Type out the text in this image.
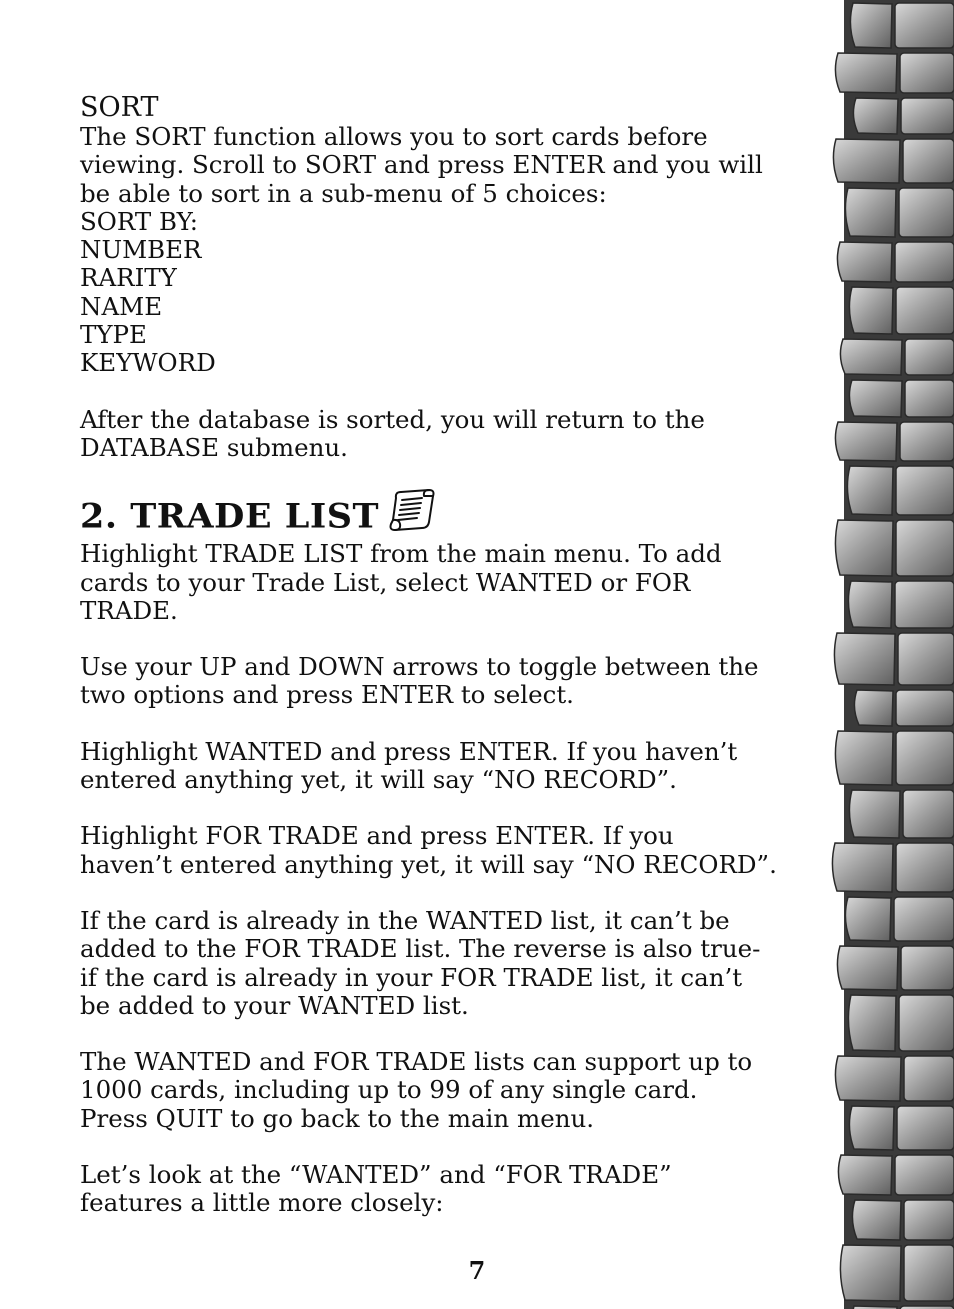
SORT

The SORT function allows you to sort cards before
viewing. Scroll to SORT and press ENTER and you will
be able to sort in a sub-menu of 5 choices:

SORT BY:
NUMBER
RARITY
NAME
TYPE
KEYWORD

After the database is sorted, you will return to the
DATABASE submenu.

2. TRADE LIST

Highlight TRADE LIST from the main menu. To add
cards to your Trade List, select WANTED or FOR
TRADE.

Use your UP and DOWN arrows to toggle between the
two options and press ENTER to select.

Highlight WANTED and press ENTER. If you haven’t
entered anything yet, it will say “NO RECORD”.

Highlight FOR TRADE and press ENTER. If you
haven’t entered anything yet, it will say “NO RECORD”.

If the card is already in the WANTED list, it can’t be
added to the FOR TRADE list. The reverse is also true-
if the card is already in your FOR TRADE list, it can’t
be added to your WANTED list.

The WANTED and FOR TRADE lists can support up to
1000 cards, including up to 99 of any single card.
Press QUIT to go back to the main menu.

Let’s look at the “WANTED” and “FOR TRADE”
features a little more closely:

7
